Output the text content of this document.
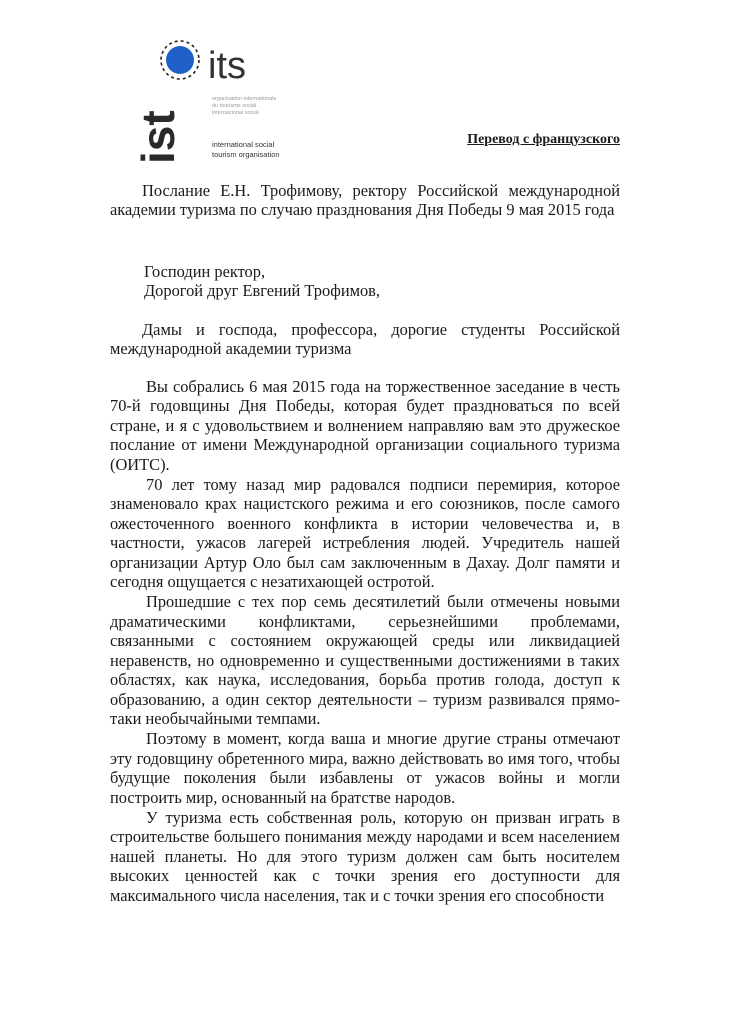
ist
its
organisation internationale
du tourisme social
internacional social
international social
tourism organisation
Перевод с французского

Послание Е.Н. Трофимову, ректору Российской международной академии туризма по случаю празднования Дня Победы 9 мая 2015 года

Господин ректор,

Дорогой друг Евгений Трофимов,

Дамы и господа, профессора, дорогие студенты Российской международной академии туризма

Вы собрались 6 мая 2015 года на торжественное заседание в честь 70-й годовщины Дня Победы, которая будет праздноваться по всей стране, и я с удовольствием и волнением направляю вам это дружеское послание от имени Международной организации социального туризма (ОИТС).

70 лет тому назад мир радовался подписи перемирия, которое знаменовало крах нацистского режима и его союзников, после самого ожесточенного военного конфликта в истории человечества и, в частности, ужасов лагерей истребления людей. Учредитель нашей организации Артур Оло был сам заключенным в Дахау. Долг памяти и сегодня ощущается с незатихающей остротой.

Прошедшие с тех пор семь десятилетий были отмечены новыми драматическими конфликтами, серьезнейшими проблемами, связанными с состоянием окружающей среды или ликвидацией неравенств, но одновременно и существенными достижениями в таких областях, как наука, исследования, борьба против голода, доступ к образованию, а один сектор деятельности – туризм развивался прямо-таки необычайными темпами.

Поэтому в момент, когда ваша и многие другие страны отмечают эту годовщину обретенного мира, важно действовать во имя того, чтобы будущие поколения были избавлены от ужасов войны и могли построить мир, основанный на братстве народов.

У туризма есть собственная роль, которую он призван играть в строительстве большего понимания между народами и всем населением нашей планеты. Но для этого туризм должен сам быть носителем высоких ценностей как с точки зрения его доступности для максимального числа населения, так и с точки зрения его способности
